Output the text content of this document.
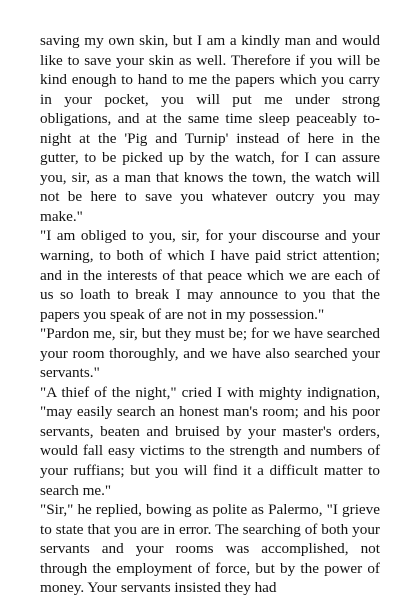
saving my own skin, but I am a kindly man and would like to save your skin as well. Therefore if you will be kind enough to hand to me the papers which you carry in your pocket, you will put me under strong obligations, and at the same time sleep peaceably to-night at the 'Pig and Turnip' instead of here in the gutter, to be picked up by the watch, for I can assure you, sir, as a man that knows the town, the watch will not be here to save you whatever outcry you may make."

"I am obliged to you, sir, for your discourse and your warning, to both of which I have paid strict attention; and in the interests of that peace which we are each of us so loath to break I may announce to you that the papers you speak of are not in my possession."

"Pardon me, sir, but they must be; for we have searched your room thoroughly, and we have also searched your servants."

"A thief of the night," cried I with mighty indignation, "may easily search an honest man's room; and his poor servants, beaten and bruised by your master's orders, would fall easy victims to the strength and numbers of your ruffians; but you will find it a difficult matter to search me."

"Sir," he replied, bowing as polite as Palermo, "I grieve to state that you are in error. The searching of both your servants and your rooms was accomplished, not through the employment of force, but by the power of money. Your servants insisted they had
